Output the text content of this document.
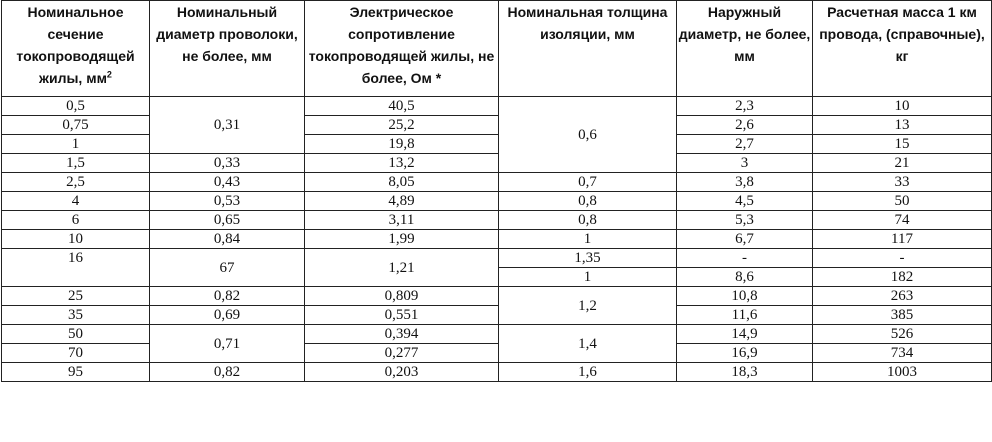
Номинальное сечение токопроводящей жилы, $мм^2$	Номинальный диаметр проволоки, не более, мм	Электрическое сопротивление токопроводящей жилы, не более, Ом *	Номинальная толщина изоляции, мм	Наружный диаметр, не более, мм	Расчетная масса 1 км провода, (справочные), кг
0,5	0,31	40,5	0,6	2,3	10
0,75		25,2		2,6	13
1		19,8		2,7	15
1,5	0,33	13,2		3	21
2,5	0,43	8,05	0,7	3,8	33
4	0,53	4,89	0,8	4,5	50
6	0,65	3,11	0,8	5,3	74
10	0,84	1,99	1	6,7	117
16	67	1,21	1,35	-	-
			1	8,6	182
25	0,82	0,809	1,2	10,8	263
35	0,69	0,551		11,6	385
50	0,71	0,394	1,4	14,9	526
70		0,277		16,9	734
95	0,82	0,203	1,6	18,3	1003
